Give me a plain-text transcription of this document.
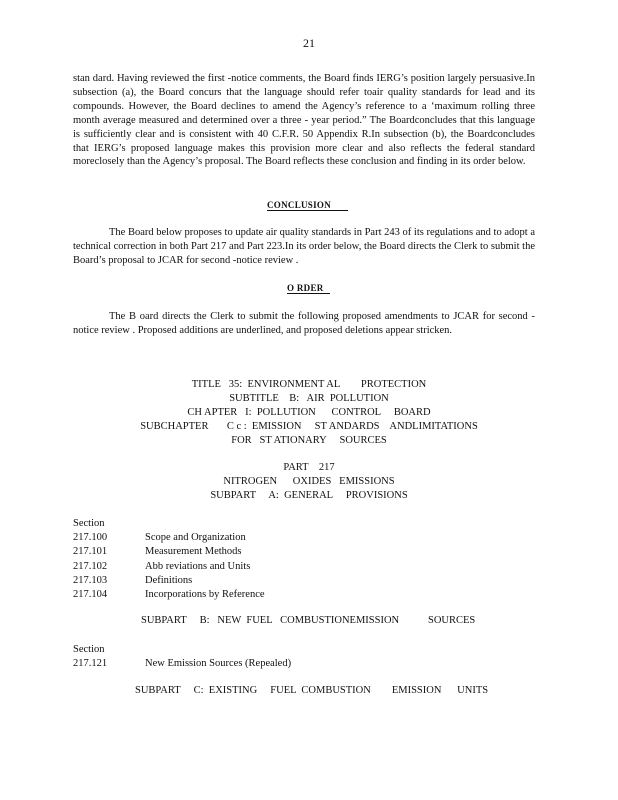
21

stan dard. Having reviewed the first -notice comments, the Board finds IERG’s position largely persuasive.In subsection (a), the Board concurs that the language should refer toair quality standards for lead and its compounds. However, the Board declines to amend the Agency’s reference to a ‘maximum rolling three month average measured and determined over a three - year period.” The Boardconcludes that this language is sufficiently clear and is consistent with 40 C.F.R. 50 Appendix R.In subsection (b), the Boardconcludes that IERG’s proposed language makes this provision more clear and also reflects the federal standard moreclosely than the Agency’s proposal. The Board reflects these conclusion and finding in its order below.

CONCLUSION

The Board below proposes to update air quality standards in Part 243 of its regulations and to adopt a technical correction in both Part 217 and Part 223.In its order below, the Board directs the Clerk to submit the Board’s proposal to JCAR for second -notice review .

O RDER

The B oard directs the Clerk to submit the following proposed amendments to JCAR for second -notice review . Proposed additions are underlined, and proposed deletions appear stricken.

TITLE   35:  ENVIRONMENT AL        PROTECTION
SUBTITLE    B:   AIR  POLLUTION
CH APTER   I:  POLLUTION      CONTROL     BOARD
SUBCHAPTER       C c :  EMISSION     ST ANDARDS    ANDLIMITATIONS
FOR   ST ATIONARY     SOURCES
PART    217
NITROGEN      OXIDES   EMISSIONS
SUBPART     A:  GENERAL     PROVISIONS
Section
217.100	Scope and Organization
217.101	Measurement Methods
217.102	Abb reviations and Units
217.103	Definitions
217.104	Incorporations by Reference
SUBPART     B:   NEW  FUEL   COMBUSTIONEMISSION           SOURCES
Section
217.121	New Emission Sources (Repealed)
SUBPART     C:  EXISTING     FUEL  COMBUSTION        EMISSION      UNITS
